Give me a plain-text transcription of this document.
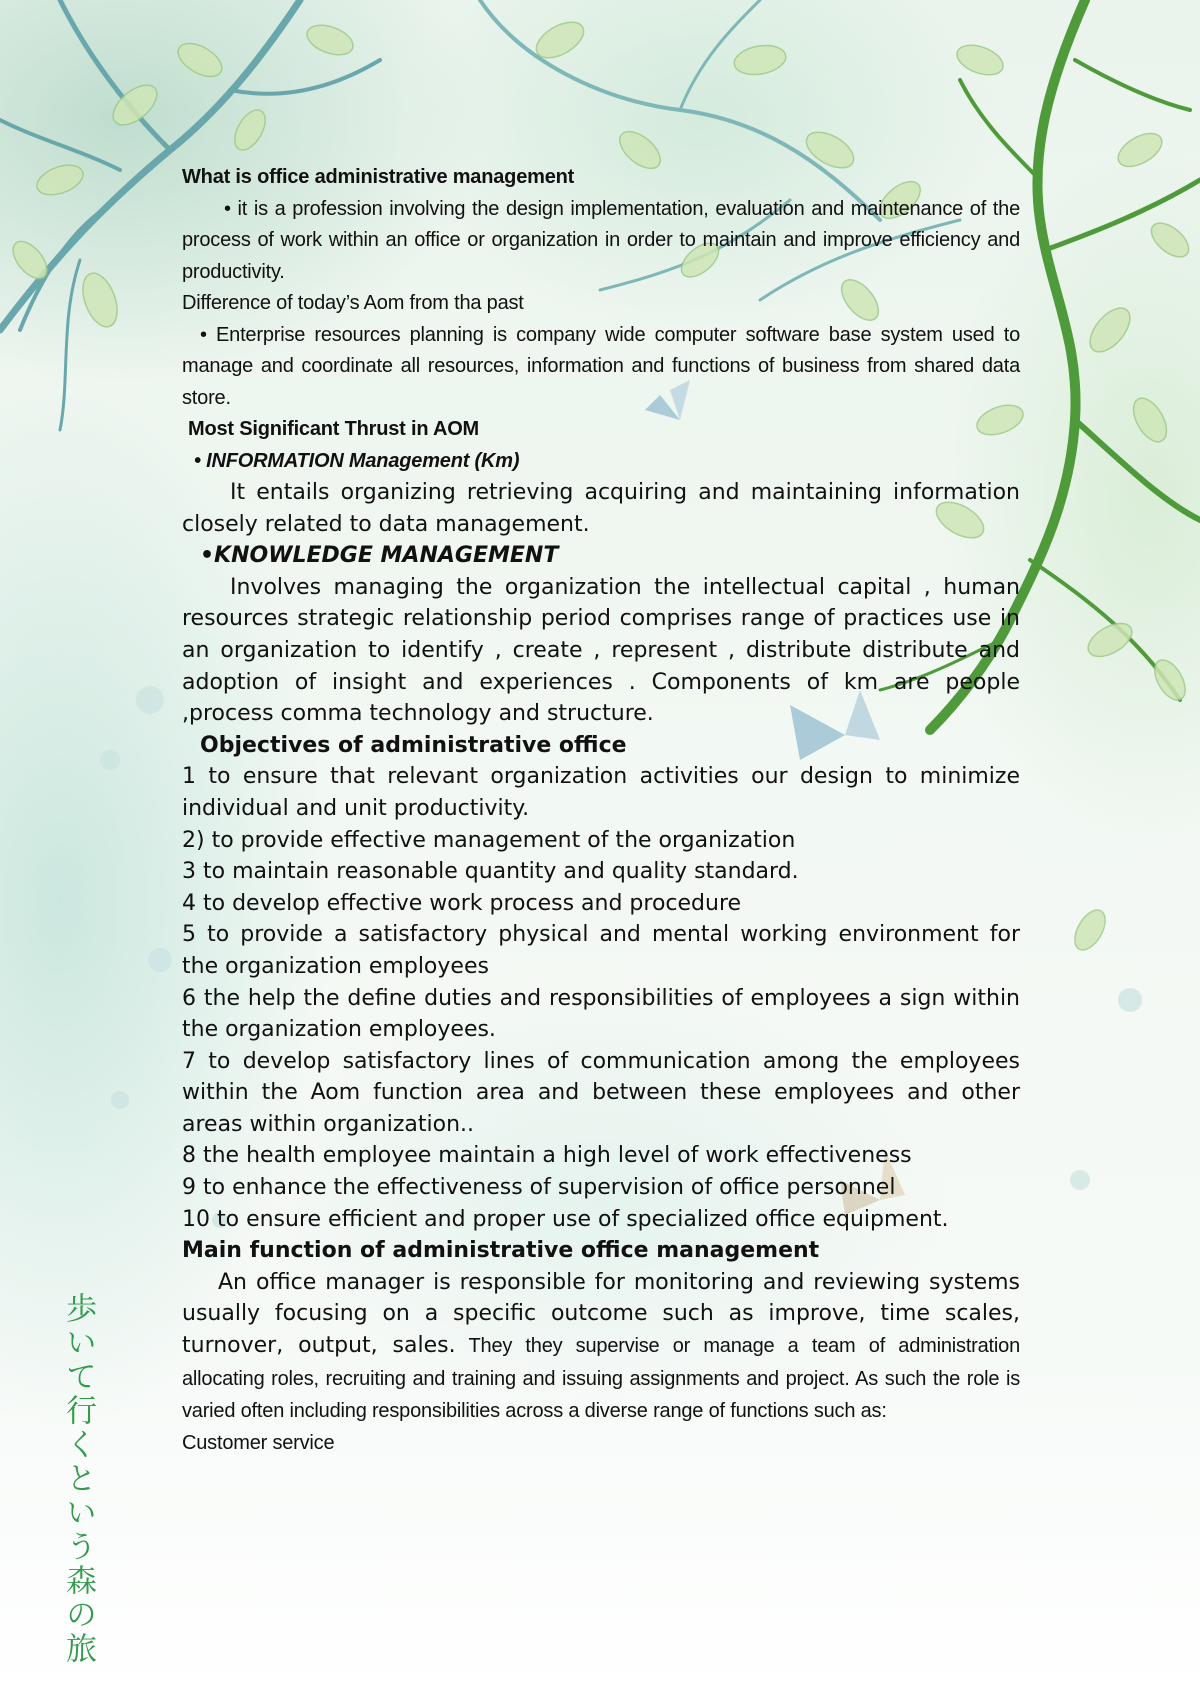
What is office administrative management

• it is a profession involving the design implementation, evaluation and maintenance of the process of work within an office or organization in order to maintain and improve efficiency and productivity.

Difference of today’s Aom from tha past

• Enterprise resources planning is company wide computer software base system used to manage and coordinate all resources, information and functions of business from shared data store.

Most Significant Thrust in AOM

• INFORMATION Management (Km)

It entails organizing retrieving acquiring and maintaining information closely related to data management.

•KNOWLEDGE MANAGEMENT

Involves managing the organization the intellectual capital , human resources strategic relationship period comprises range of practices use in an organization to identify , create , represent , distribute distribute and adoption of insight and experiences . Components of km are people ,process comma technology and structure.

Objectives of administrative office

1 to ensure that relevant organization activities our design to minimize individual and unit productivity.

2) to provide effective management of the organization

3 to maintain reasonable quantity and quality standard.

4 to develop effective work process and procedure

5 to provide a satisfactory physical and mental working environment for the organization employees

6 the help the define duties and responsibilities of employees a sign within the organization employees.

7 to develop satisfactory lines of communication among the employees within the Aom function area and between these employees and other areas within organization..

8 the health employee maintain a high level of work effectiveness

9 to enhance the effectiveness of supervision of office personnel

10 to ensure efficient and proper use of specialized office equipment.

Main function of administrative office management

An office manager is responsible for monitoring and reviewing systems usually focusing on a specific outcome such as improve, time scales, turnover, output, sales. They they supervise or manage a team of administration allocating roles, recruiting and training and issuing assignments and project. As such the role is varied often including responsibilities across a diverse range of functions such as:

Customer service

歩いて行くという森の旅
